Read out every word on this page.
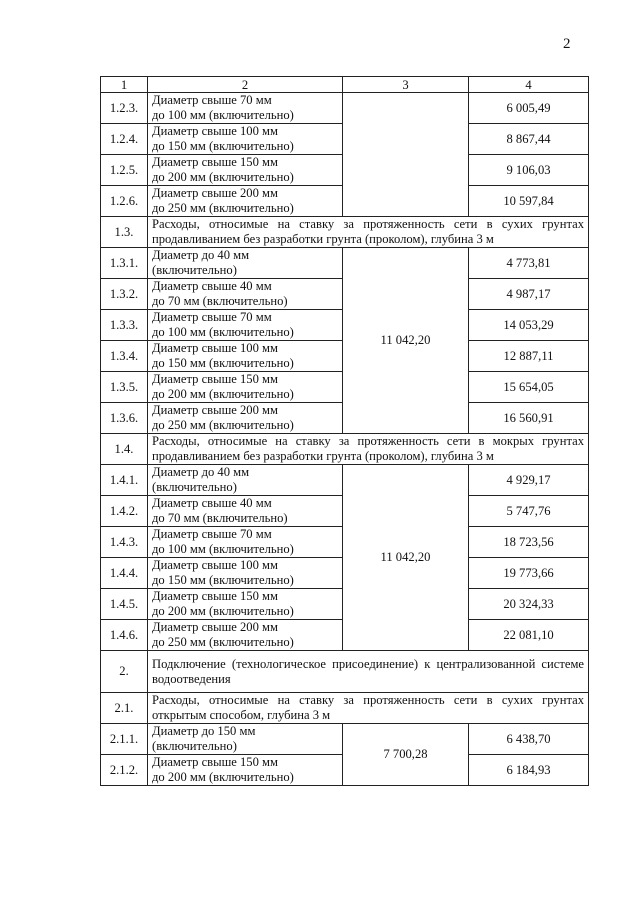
2
1	2	3	4
1.2.3.	Диаметр свыше 70 мм
до 100 мм (включительно)		6 005,49
1.2.4.	Диаметр свыше 100 мм
до 150 мм (включительно)		8 867,44
1.2.5.	Диаметр свыше 150 мм
до 200 мм (включительно)		9 106,03
1.2.6.	Диаметр свыше 200 мм
до 250 мм (включительно)		10 597,84
1.3.	Расходы, относимые на ставку за протяженность сети в сухих грунтах продавливанием без разработки грунта (проколом), глубина 3 м		
1.3.1.	Диаметр до 40 мм
(включительно)	11 042,20	4 773,81
1.3.2.	Диаметр свыше 40 мм
до 70 мм (включительно)		4 987,17
1.3.3.	Диаметр свыше 70 мм
до 100 мм (включительно)		14 053,29
1.3.4.	Диаметр свыше 100 мм
до 150 мм (включительно)		12 887,11
1.3.5.	Диаметр свыше 150 мм
до 200 мм (включительно)		15 654,05
1.3.6.	Диаметр свыше 200 мм
до 250 мм (включительно)		16 560,91
1.4.	Расходы, относимые на ставку за протяженность сети в мокрых грунтах продавливанием без разработки грунта (проколом), глубина 3 м		
1.4.1.	Диаметр до 40 мм
(включительно)	11 042,20	4 929,17
1.4.2.	Диаметр свыше 40 мм
до 70 мм (включительно)		5 747,76
1.4.3.	Диаметр свыше 70 мм
до 100 мм (включительно)		18 723,56
1.4.4.	Диаметр свыше 100 мм
до 150 мм (включительно)		19 773,66
1.4.5.	Диаметр свыше 150 мм
до 200 мм (включительно)		20 324,33
1.4.6.	Диаметр свыше 200 мм
до 250 мм (включительно)		22 081,10
2.	Подключение (технологическое присоединение) к централизованной системе водоотведения		
2.1.	Расходы, относимые на ставку за протяженность сети в сухих грунтах открытым способом, глубина 3 м		
2.1.1.	Диаметр до 150 мм
(включительно)	7 700,28	6 438,70
2.1.2.	Диаметр свыше 150 мм
до 200 мм (включительно)		6 184,93
